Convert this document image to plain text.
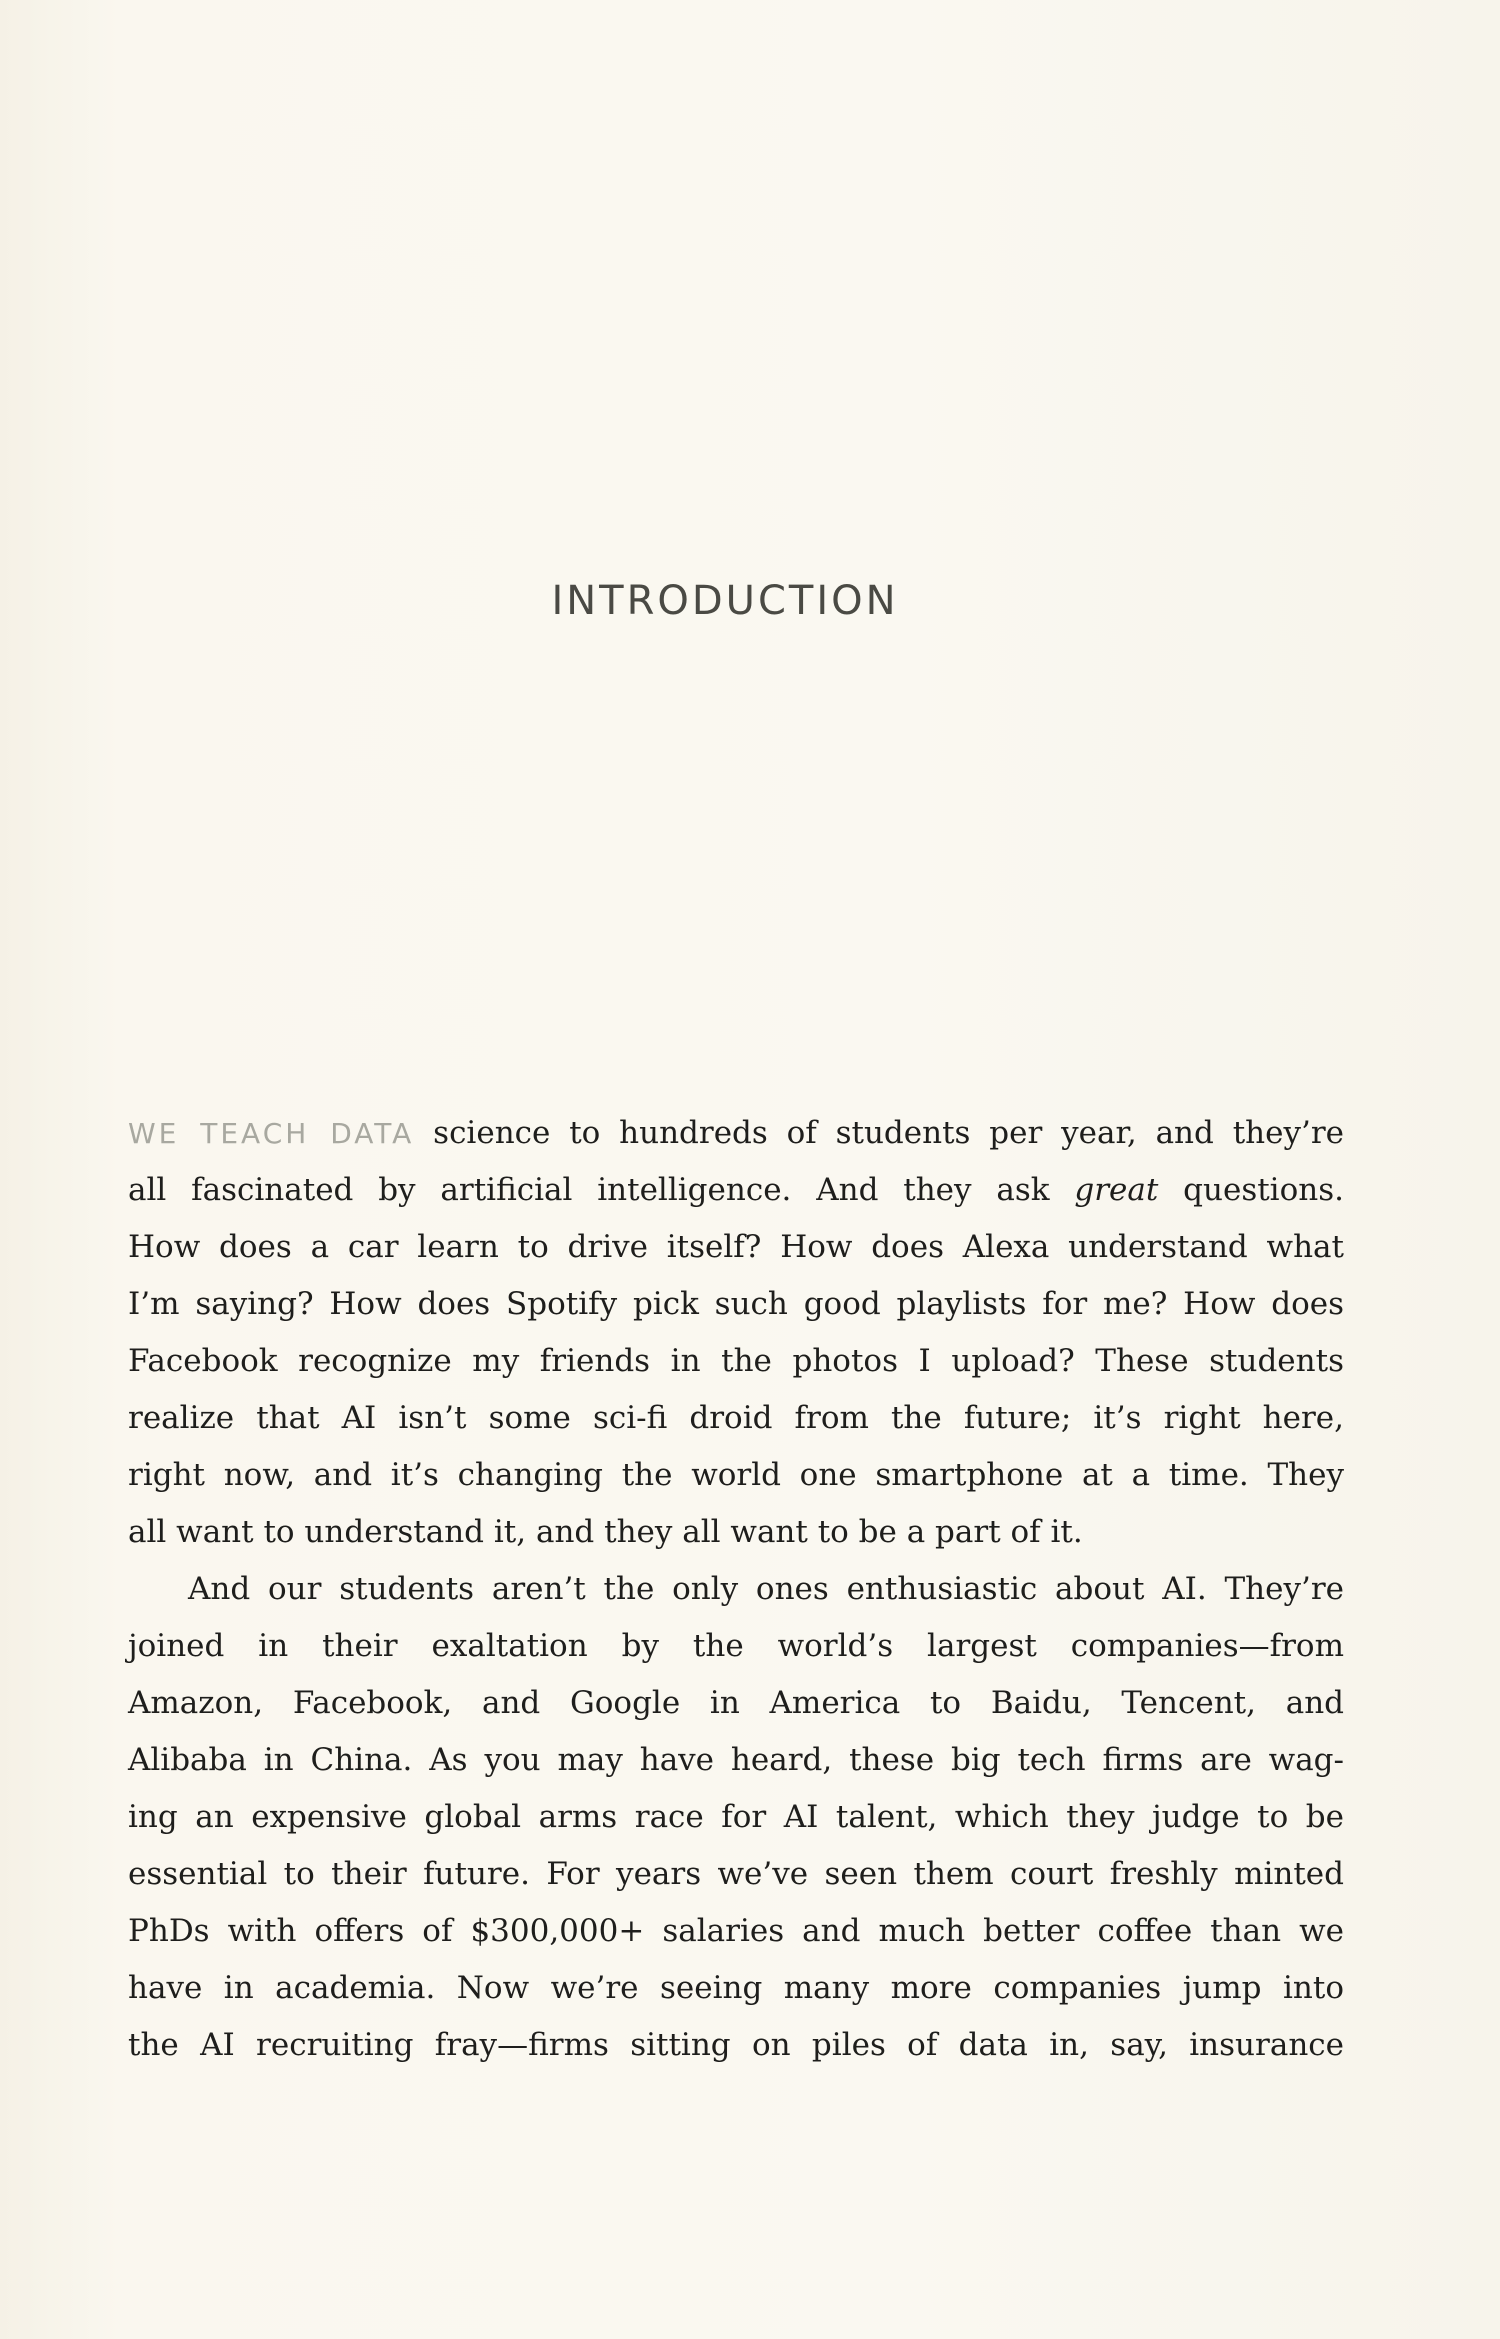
INTRODUCTION
WE TEACH DATA science to hundreds of students per year, and they’re
all fascinated by artificial intelligence. And they ask great questions.
How does a car learn to drive itself? How does Alexa understand what
I’m saying? How does Spotify pick such good playlists for me? How does
Facebook recognize my friends in the photos I upload? These students
realize that AI isn’t some sci-fi droid from the future; it’s right here,
right now, and it’s changing the world one smartphone at a time. They
all want to understand it, and they all want to be a part of it.
And our students aren’t the only ones enthusiastic about AI. They’re
joined in their exaltation by the world’s largest companies—from
Amazon, Facebook, and Google in America to Baidu, Tencent, and
Alibaba in China. As you may have heard, these big tech firms are wag-
ing an expensive global arms race for AI talent, which they judge to be
essential to their future. For years we’ve seen them court freshly minted
PhDs with offers of $300,000+ salaries and much better coffee than we
have in academia. Now we’re seeing many more companies jump into
the AI recruiting fray—firms sitting on piles of data in, say, insurance
